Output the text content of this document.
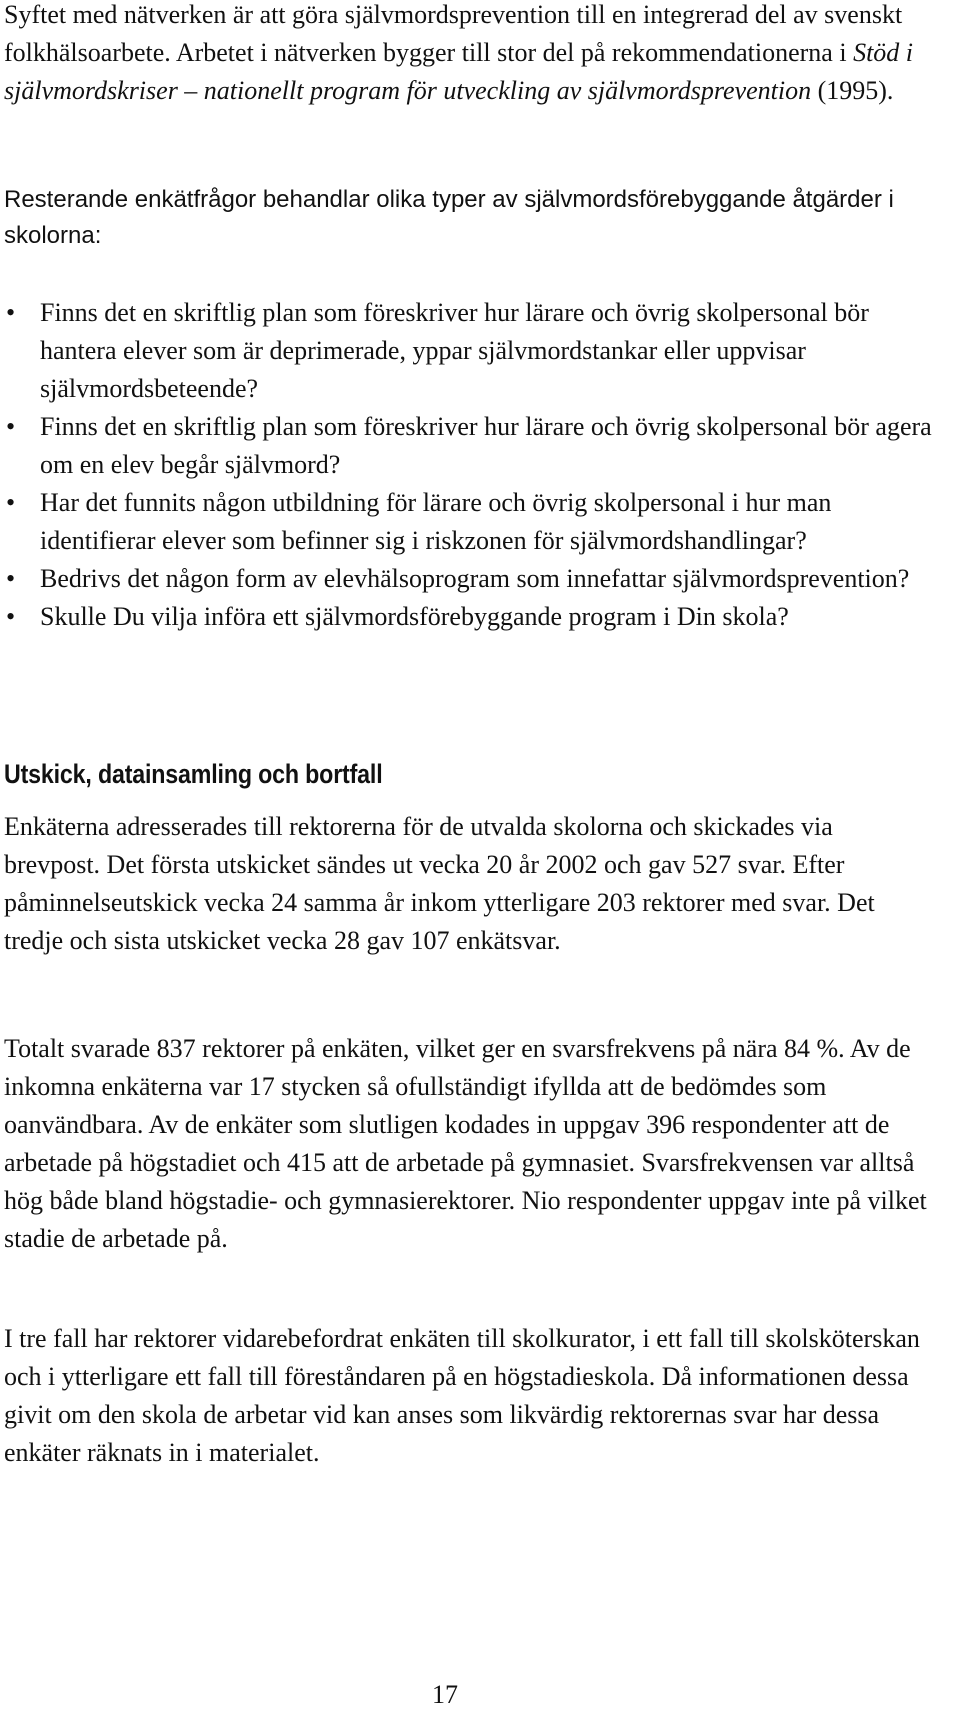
Syftet med nätverken är att göra självmordsprevention till en integrerad del av svenskt folkhälsoarbete. Arbetet i nätverken bygger till stor del på rekommendationerna i Stöd i självmordskriser – nationellt program för utveckling av självmordsprevention (1995).

Resterande enkätfrågor behandlar olika typer av självmordsförebyggande åtgärder i skolorna:

• Finns det en skriftlig plan som föreskriver hur lärare och övrig skolpersonal bör hantera elever som är deprimerade, yppar självmordstankar eller uppvisar självmordsbeteende?
• Finns det en skriftlig plan som föreskriver hur lärare och övrig skolpersonal bör agera om en elev begår självmord?
• Har det funnits någon utbildning för lärare och övrig skolpersonal i hur man identifierar elever som befinner sig i riskzonen för självmordshandlingar?
• Bedrivs det någon form av elevhälsoprogram som innefattar självmordsprevention?
• Skulle Du vilja införa ett självmordsförebyggande program i Din skola?
Utskick, datainsamling och bortfall

Enkäterna adresserades till rektorerna för de utvalda skolorna och skickades via brevpost. Det första utskicket sändes ut vecka 20 år 2002 och gav 527 svar. Efter påminnelseutskick vecka 24 samma år inkom ytterligare 203 rektorer med svar. Det tredje och sista utskicket vecka 28 gav 107 enkätsvar.

Totalt svarade 837 rektorer på enkäten, vilket ger en svarsfrekvens på nära 84 %. Av de inkomna enkäterna var 17 stycken så ofullständigt ifyllda att de bedömdes som oanvändbara. Av de enkäter som slutligen kodades in uppgav 396 respondenter att de arbetade på högstadiet och 415 att de arbetade på gymnasiet. Svarsfrekvensen var alltså hög både bland högstadie- och gymnasierektorer. Nio respondenter uppgav inte på vilket stadie de arbetade på.

I tre fall har rektorer vidarebefordrat enkäten till skolkurator, i ett fall till skolsköterskan och i ytterligare ett fall till föreståndaren på en högstadieskola. Då informationen dessa givit om den skola de arbetar vid kan anses som likvärdig rektorernas svar har dessa enkäter räknats in i materialet.

17
